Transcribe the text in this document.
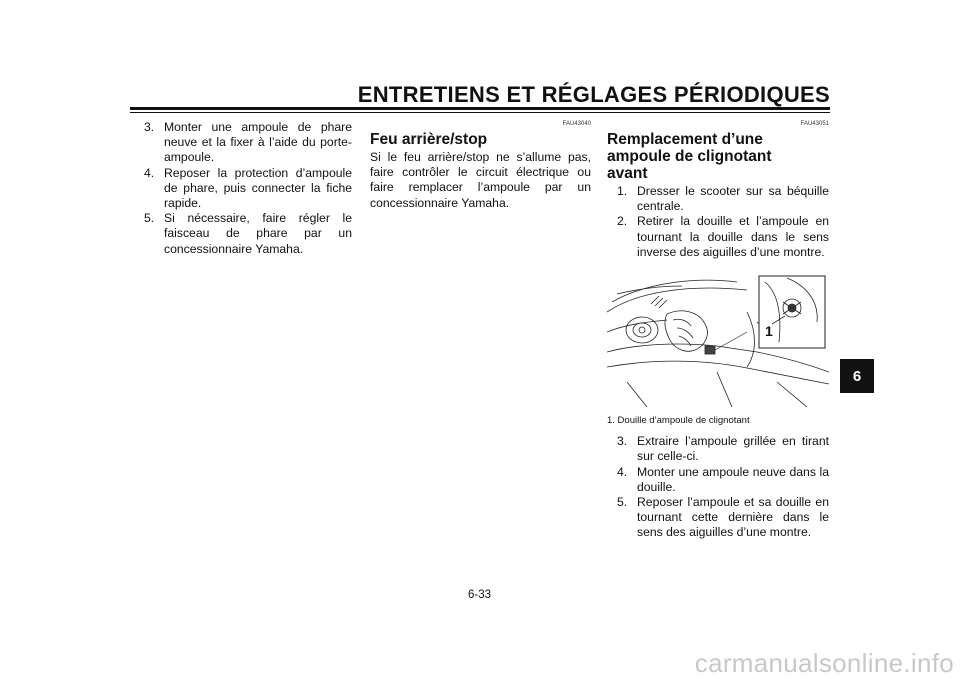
ENTRETIENS ET RÉGLAGES PÉRIODIQUES
3. Monter une ampoule de phare neuve et la fixer à l’aide du porte-ampoule.
4. Reposer la protection d’ampoule de phare, puis connecter la fiche rapide.
5. Si nécessaire, faire régler le faisceau de phare par un concessionnaire Yamaha.
FAU43040
Feu arrière/stop

Si le feu arrière/stop ne s’allume pas, faire contrôler le circuit électrique ou faire remplacer l’ampoule par un concessionnaire Yamaha.

FAU43051
Remplacement d’une ampoule de clignotant avant
1. Dresser le scooter sur sa béquille centrale.
2. Retirer la douille et l’ampoule en tournant la douille dans le sens inverse des aiguilles d’une montre.
1
1. Douille d’ampoule de clignotant
3. Extraire l’ampoule grillée en tirant sur celle-ci.
4. Monter une ampoule neuve dans la douille.
5. Reposer l’ampoule et sa douille en tournant cette dernière dans le sens des aiguilles d’une montre.
6-33
6
carmanualsonline.info
